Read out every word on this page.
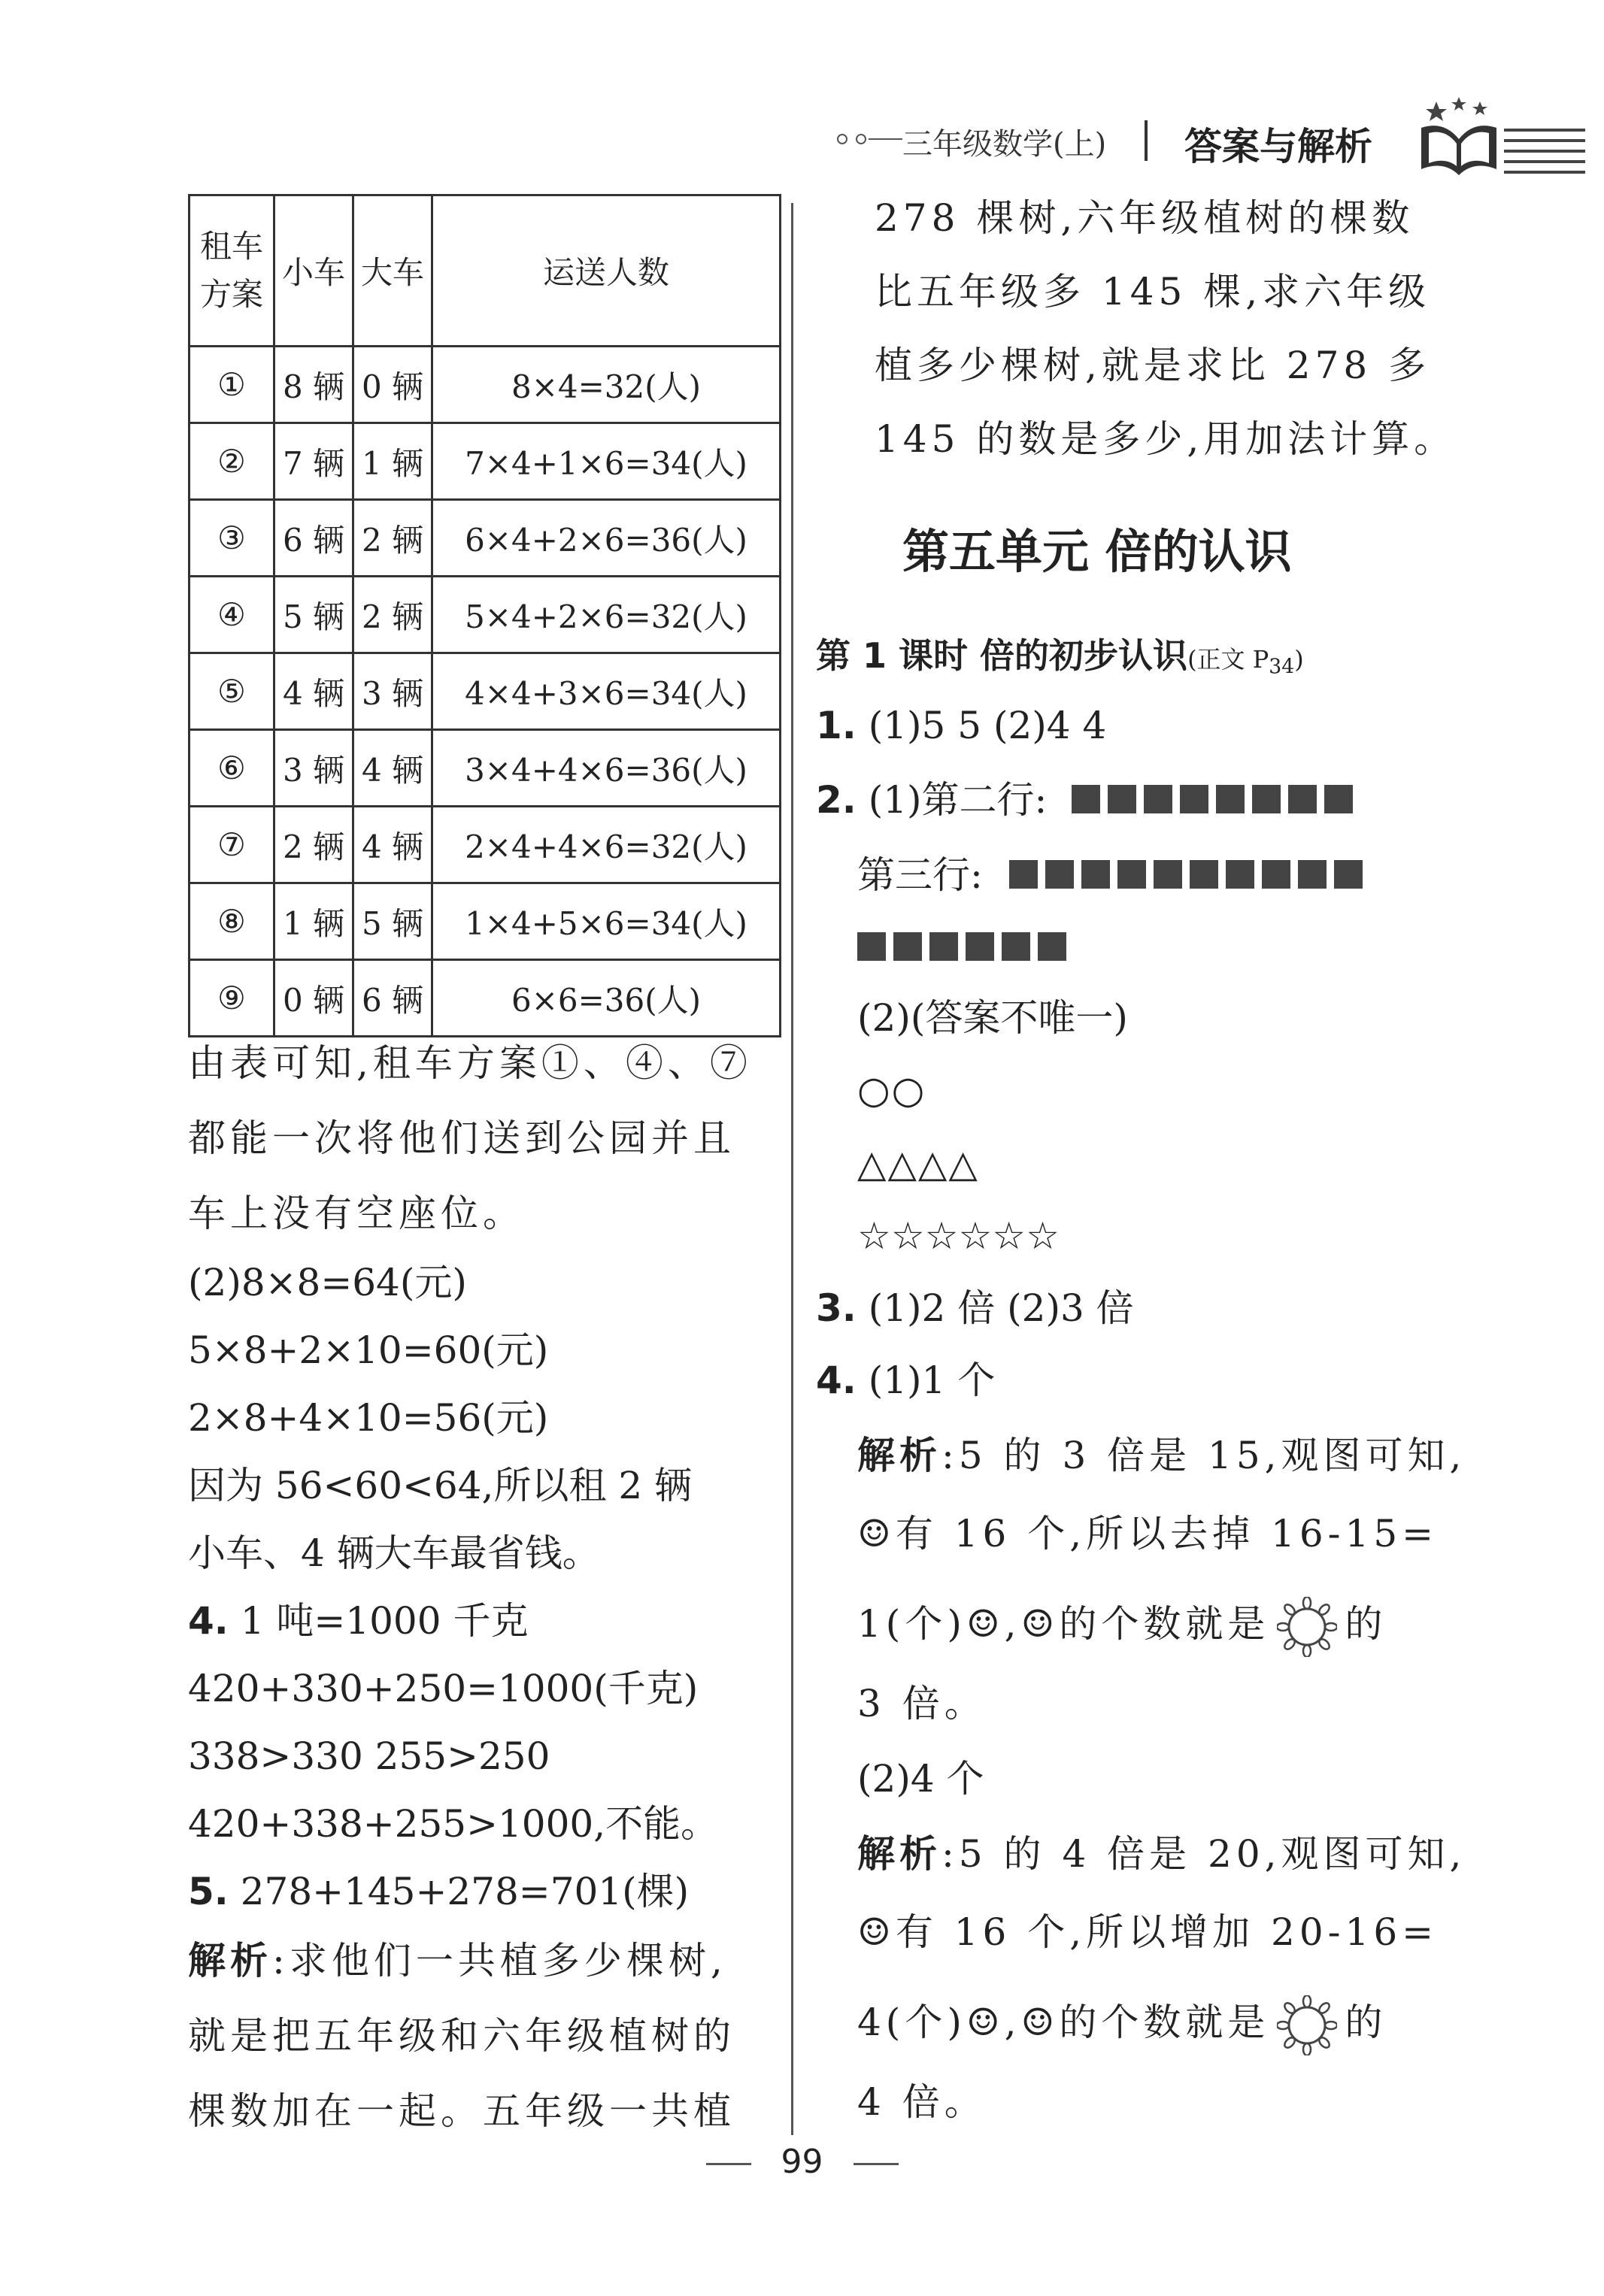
三年级数学(上) 答案与解析
租车
方案	小车	大车	运送人数
①	8 辆	0 辆	8×4=32(人)
②	7 辆	1 辆	7×4+1×6=34(人)
③	6 辆	2 辆	6×4+2×6=36(人)
④	5 辆	2 辆	5×4+2×6=32(人)
⑤	4 辆	3 辆	4×4+3×6=34(人)
⑥	3 辆	4 辆	3×4+4×6=36(人)
⑦	2 辆	4 辆	2×4+4×6=32(人)
⑧	1 辆	5 辆	1×4+5×6=34(人)
⑨	0 辆	6 辆	6×6=36(人)
由表可知,租车方案①、④、⑦
都能一次将他们送到公园并且
车上没有空座位。
(2)8×8=64(元)
5×8+2×10=60(元)
2×8+4×10=56(元)
因为 56<60<64,所以租 2 辆
小车、4 辆大车最省钱。
4. 1 吨=1000 千克
420+330+250=1000(千克)
338>330 255>250
420+338+255>1000,不能。
5. 278+145+278=701(棵)
解析:求他们一共植多少棵树,
就是把五年级和六年级植树的
棵数加在一起。五年级一共植
278 棵树,六年级植树的棵数
比五年级多 145 棵,求六年级
植多少棵树,就是求比 278 多
145 的数是多少,用加法计算。
第五单元 倍的认识
第 1 课时 倍的初步认识(正文 $P_{34}$)
1. (1)5 5 (2)4 4
2. (1)第二行:
第三行:
(2)(答案不唯一)
○○
△△△△
☆☆☆☆☆☆
3. (1)2 倍 (2)3 倍
4. (1)1 个
解析:5 的 3 倍是 15,观图可知,
☺有 16 个,所以去掉 16-15=
1(个)☺,☺的个数就是 的
3 倍。
(2)4 个
解析:5 的 4 倍是 20,观图可知,
☺有 16 个,所以增加 20-16=
4(个)☺,☺的个数就是 的
4 倍。
99
